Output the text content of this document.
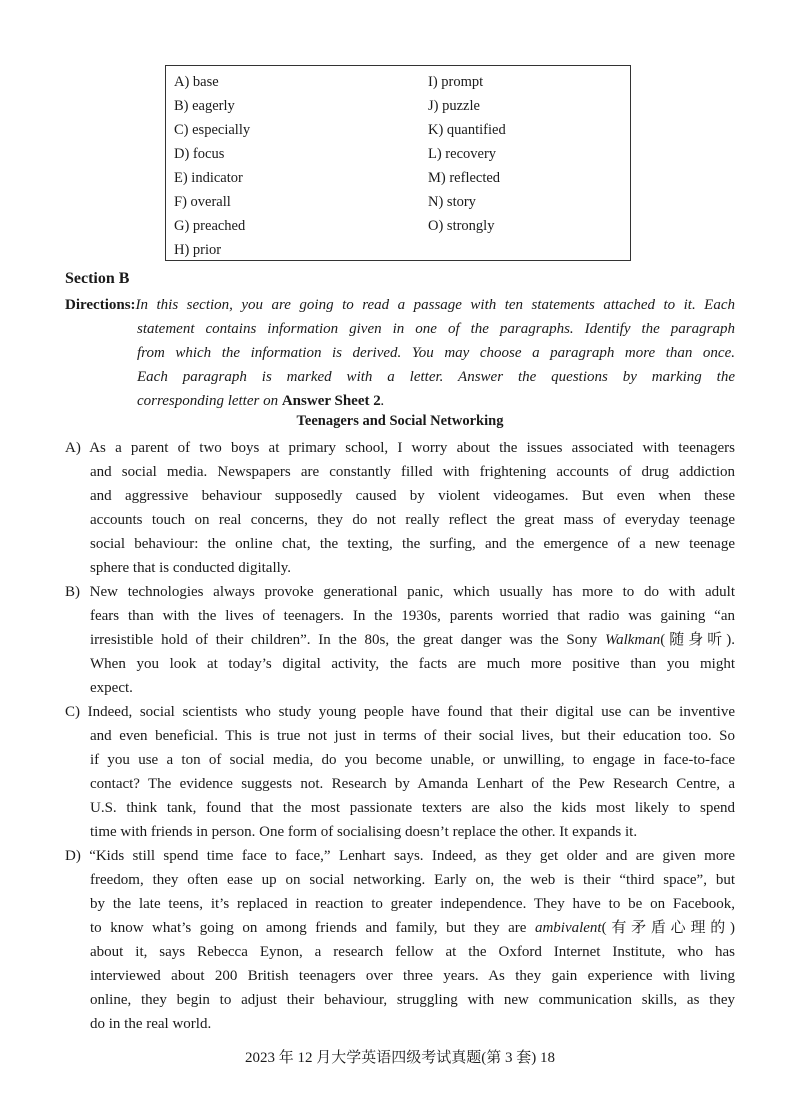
A) base
B) eagerly
C) especially
D) focus
E) indicator
F) overall
G) preached
H) prior
I) prompt
J) puzzle
K) quantified
L) recovery
M) reflected
N) story
O) strongly
Section B
Directions:In this section, you are going to read a passage with ten statements attached to it. Each
statement contains information given in one of the paragraphs. Identify the paragraph
from which the information is derived. You may choose a paragraph more than once.
Each paragraph is marked with a letter. Answer the questions by marking the
corresponding letter on Answer Sheet 2.
Teenagers and Social Networking
A) As a parent of two boys at primary school, I worry about the issues associated with teenagers
and social media. Newspapers are constantly filled with frightening accounts of drug addiction
and aggressive behaviour supposedly caused by violent videogames. But even when these
accounts touch on real concerns, they do not really reflect the great mass of everyday teenage
social behaviour: the online chat, the texting, the surfing, and the emergence of a new teenage
sphere that is conducted digitally.
B) New technologies always provoke generational panic, which usually has more to do with adult
fears than with the lives of teenagers. In the 1930s, parents worried that radio was gaining “an
irresistible hold of their children”. In the 80s, the great danger was the Sony Walkman(随身听).
When you look at today’s digital activity, the facts are much more positive than you might
expect.
C) Indeed, social scientists who study young people have found that their digital use can be inventive
and even beneficial. This is true not just in terms of their social lives, but their education too. So
if you use a ton of social media, do you become unable, or unwilling, to engage in face-to-face
contact? The evidence suggests not. Research by Amanda Lenhart of the Pew Research Centre, a
U.S. think tank, found that the most passionate texters are also the kids most likely to spend
time with friends in person. One form of socialising doesn’t replace the other. It expands it.
D) “Kids still spend time face to face,” Lenhart says. Indeed, as they get older and are given more
freedom, they often ease up on social networking. Early on, the web is their “third space”, but
by the late teens, it’s replaced in reaction to greater independence. They have to be on Facebook,
to know what’s going on among friends and family, but they are ambivalent(有矛盾心理的)
about it, says Rebecca Eynon, a research fellow at the Oxford Internet Institute, who has
interviewed about 200 British teenagers over three years. As they gain experience with living
online, they begin to adjust their behaviour, struggling with new communication skills, as they
do in the real world.
2023 年 12 月大学英语四级考试真题(第 3 套) 18
